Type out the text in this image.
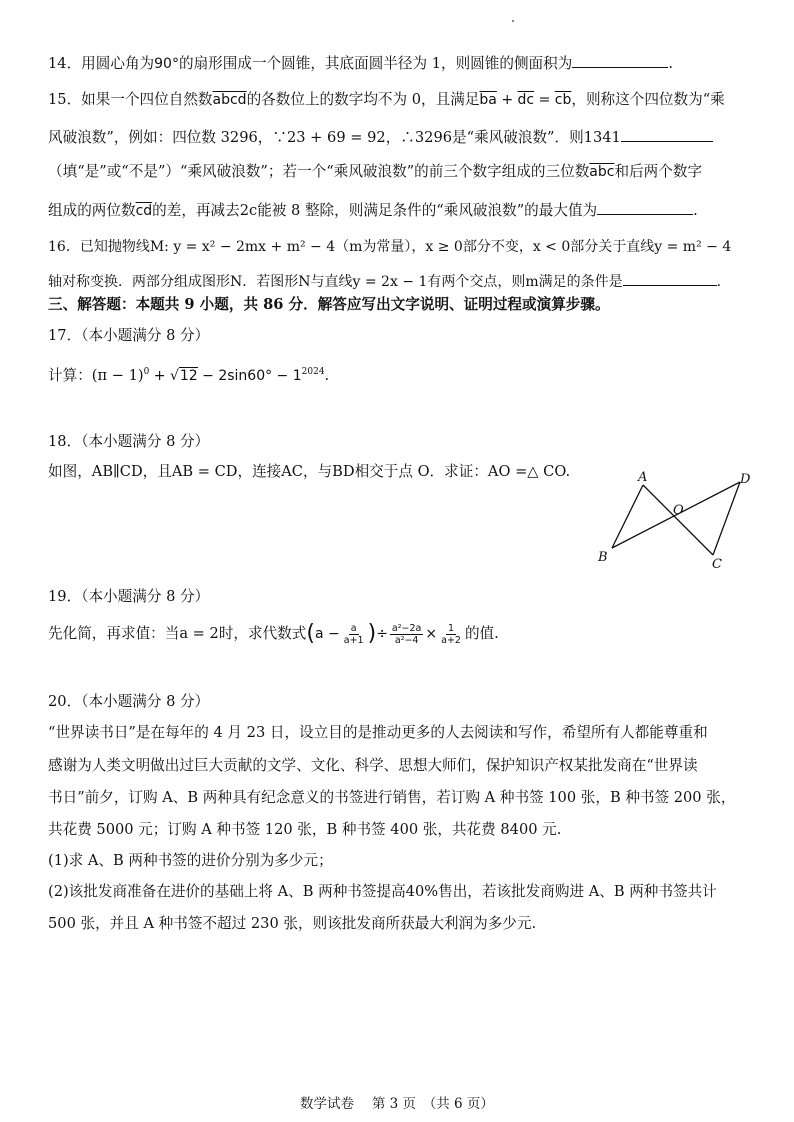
14．用圆心角为90°的扇形围成一个圆锥，其底面圆半径为 1，则圆锥的侧面积为	.
15．如果一个四位自然数abcd的各数位上的数字均不为 0，且满足$\overline{ba} + \overline{dc} = \overline{cb}$，则称这个四位数为“乘
风破浪数”，例如：四位数 3296，∵23 + 69 = 92，∴3296是“乘风破浪数”．则1341
（填“是”或“不是”）“乘风破浪数”；若一个“乘风破浪数”的前三个数字组成的三位数$\overline{abc}$和后两个数字
组成的两位数$\overline{cd}$的差，再减去2c能被 8 整除，则满足条件的“乘风破浪数”的最大值为	.
16．已知抛物线M: y = x² − 2mx + m² − 4（m为常量），x ≥ 0部分不变，x < 0部分关于直线y = m² − 4
轴对称变换．两部分组成图形N．若图形N与直线y = 2x − 1有两个交点，则m满足的条件是	.
三、解答题：本题共 9 小题，共 86 分．解答应写出文字说明、证明过程或演算步骤。
17．（本小题满分 8 分）
计算：$(\pi - 1)^0 + √12 - 2\sin 60^\circ - 1^{2024}$.
18．（本小题满分 8 分）
如图，AB∥CD，且AB = CD，连接AC，与BD相交于点 O．求证：AO =△ CO.	A	D
O
B	C
19．（本小题满分 8 分）
先化简，再求值：当a = 2时，求代数式 ( $a - \frac{a}{a+1}$ ) ÷ $\frac{\text{a²−2a}}{\text{a²−4}} \times \frac{1}{a+2}$ 的值.
20．（本小题满分 8 分）
“世界读书日”是在每年的 4 月 23 日，设立目的是推动更多的人去阅读和写作，希望所有人都能尊重和
感谢为人类文明做出过巨大贡献的文学、文化、科学、思想大师们，保护知识产权某批发商在“世界读
书日”前夕，订购 A、B 两种具有纪念意义的书签进行销售，若订购 A 种书签 100 张，B 种书签 200 张，
共花费 5000 元；订购 A 种书签 120 张，B 种书签 400 张，共花费 8400 元.
(1)求 A、B 两种书签的进价分别为多少元；
(2)该批发商准备在进价的基础上将 A、B 两种书签提高40%售出，若该批发商购进 A、B 两种书签共计
500 张，并且 A 种书签不超过 230 张，则该批发商所获最大利润为多少元.
数学试卷　 第 3 页　（共 6 页）
